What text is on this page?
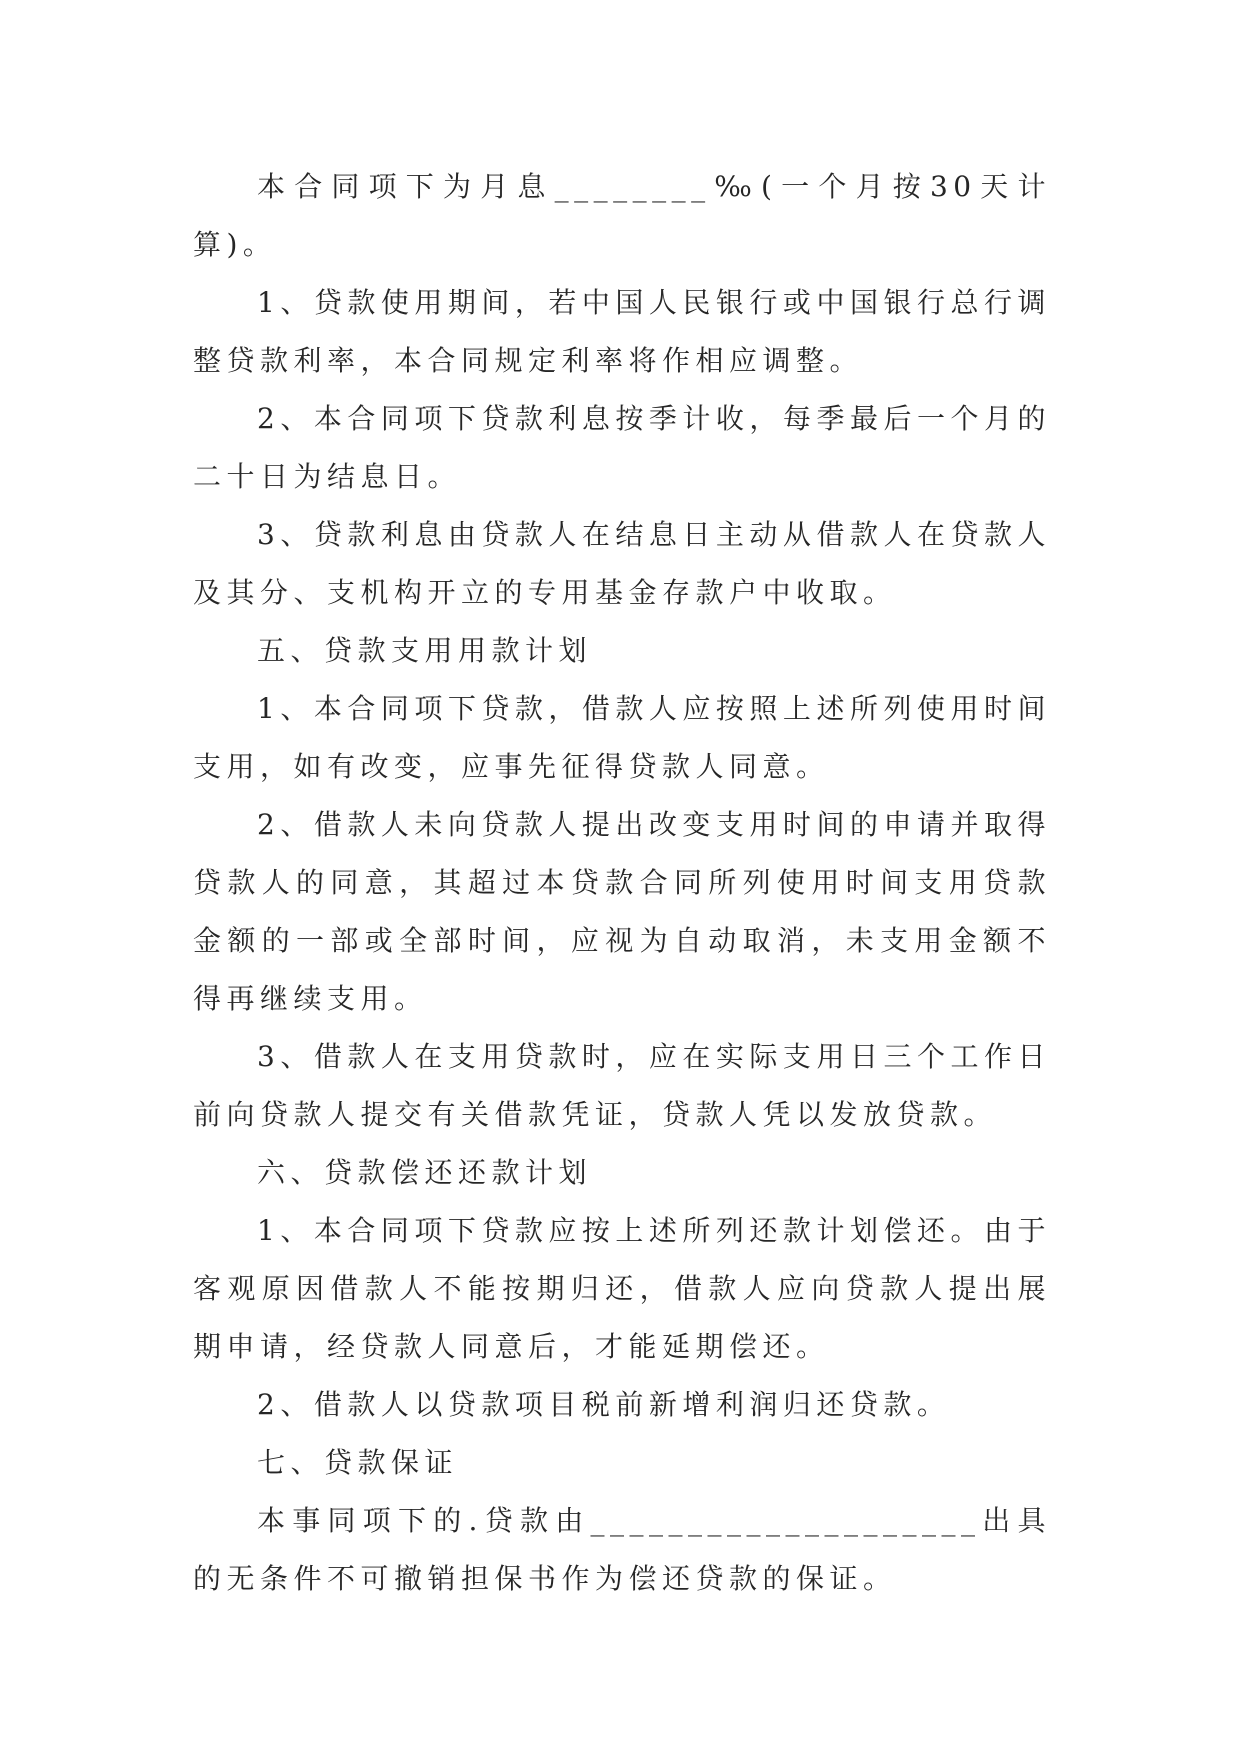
本合同项下为月息________‰(一个月按30天计算)。

1、贷款使用期间，若中国人民银行或中国银行总行调整贷款利率，本合同规定利率将作相应调整。

2、本合同项下贷款利息按季计收，每季最后一个月的二十日为结息日。

3、贷款利息由贷款人在结息日主动从借款人在贷款人及其分、支机构开立的专用基金存款户中收取。

五、贷款支用用款计划

1、本合同项下贷款，借款人应按照上述所列使用时间支用，如有改变，应事先征得贷款人同意。

2、借款人未向贷款人提出改变支用时间的申请并取得贷款人的同意，其超过本贷款合同所列使用时间支用贷款金额的一部或全部时间，应视为自动取消，未支用金额不得再继续支用。

3、借款人在支用贷款时，应在实际支用日三个工作日前向贷款人提交有关借款凭证，贷款人凭以发放贷款。

六、贷款偿还还款计划

1、本合同项下贷款应按上述所列还款计划偿还。由于客观原因借款人不能按期归还，借款人应向贷款人提出展期申请，经贷款人同意后，才能延期偿还。

2、借款人以贷款项目税前新增利润归还贷款。

七、贷款保证

本事同项下的.贷款由____________________出具的无条件不可撤销担保书作为偿还贷款的保证。
